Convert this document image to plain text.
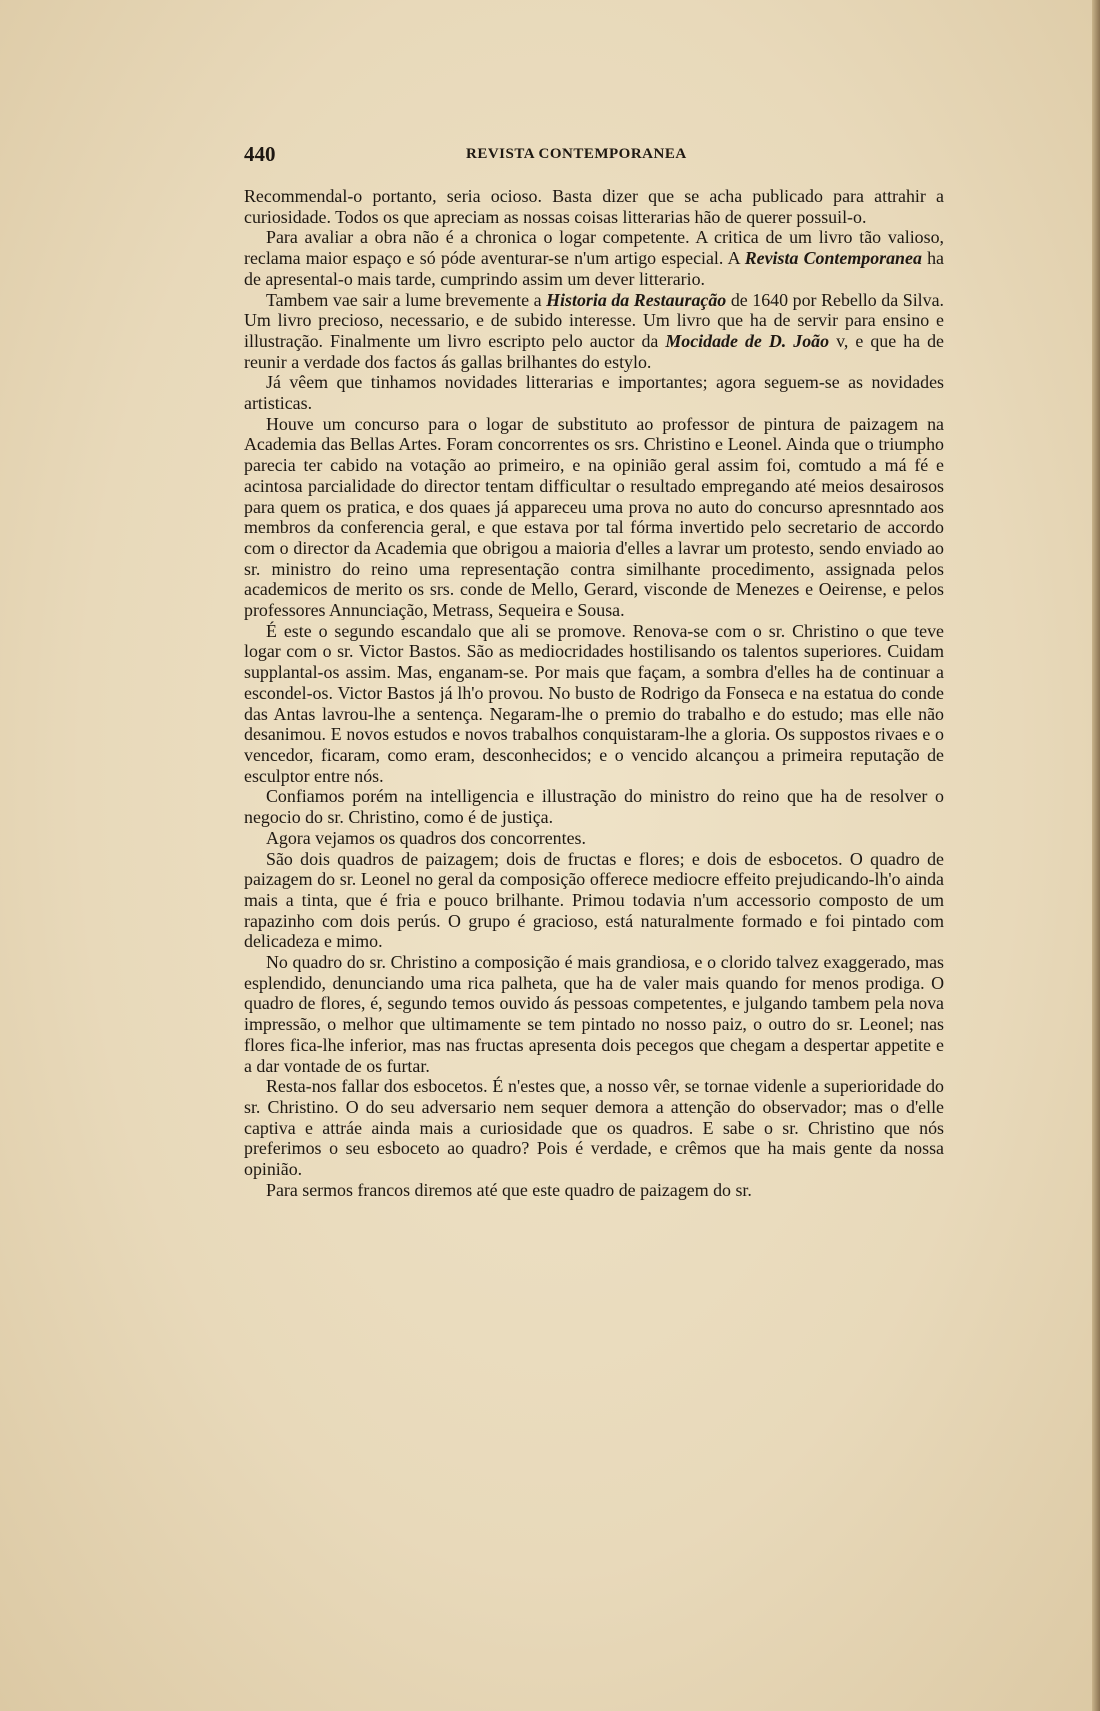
440	REVISTA CONTEMPORANEA

Recommendal-o portanto, seria ocioso. Basta dizer que se acha publicado para attrahir a curiosidade. Todos os que apreciam as nossas coisas litterarias hão de querer possuil-o.

Para avaliar a obra não é a chronica o logar competente. A critica de um livro tão valioso, reclama maior espaço e só póde aventurar-se n'um artigo especial. A Revista Contemporanea ha de apresental-o mais tarde, cumprindo assim um dever litterario.

Tambem vae sair a lume brevemente a Historia da Restauração de 1640 por Rebello da Silva. Um livro precioso, necessario, e de subido interesse. Um livro que ha de servir para ensino e illustração. Finalmente um livro escripto pelo auctor da Mocidade de D. João v, e que ha de reunir a verdade dos factos ás gallas brilhantes do estylo.

Já vêem que tinhamos novidades litterarias e importantes; agora seguem-se as novidades artisticas.

Houve um concurso para o logar de substituto ao professor de pintura de paizagem na Academia das Bellas Artes. Foram concorrentes os srs. Christino e Leonel. Ainda que o triumpho parecia ter cabido na votação ao primeiro, e na opinião geral assim foi, comtudo a má fé e acintosa parcialidade do director tentam difficultar o resultado empregando até meios desairosos para quem os pratica, e dos quaes já appareceu uma prova no auto do concurso apresnntado aos membros da conferencia geral, e que estava por tal fórma invertido pelo secretario de accordo com o director da Academia que obrigou a maioria d'elles a lavrar um protesto, sendo enviado ao sr. ministro do reino uma representação contra similhante procedimento, assignada pelos academicos de merito os srs. conde de Mello, Gerard, visconde de Menezes e Oeirense, e pelos professores Annunciação, Metrass, Sequeira e Sousa.

É este o segundo escandalo que ali se promove. Renova-se com o sr. Christino o que teve logar com o sr. Victor Bastos. São as mediocridades hostilisando os talentos superiores. Cuidam supplantal-os assim. Mas, enganam-se. Por mais que façam, a sombra d'elles ha de continuar a escondel-os. Victor Bastos já lh'o provou. No busto de Rodrigo da Fonseca e na estatua do conde das Antas lavrou-lhe a sentença. Negaram-lhe o premio do trabalho e do estudo; mas elle não desanimou. E novos estudos e novos trabalhos conquistaram-lhe a gloria. Os suppostos rivaes e o vencedor, ficaram, como eram, desconhecidos; e o vencido alcançou a primeira reputação de esculptor entre nós.

Confiamos porém na intelligencia e illustração do ministro do reino que ha de resolver o negocio do sr. Christino, como é de justiça.

Agora vejamos os quadros dos concorrentes.

São dois quadros de paizagem; dois de fructas e flores; e dois de esbocetos. O quadro de paizagem do sr. Leonel no geral da composição offerece mediocre effeito prejudicando-lh'o ainda mais a tinta, que é fria e pouco brilhante. Primou todavia n'um accessorio composto de um rapazinho com dois perús. O grupo é gracioso, está naturalmente formado e foi pintado com delicadeza e mimo.

No quadro do sr. Christino a composição é mais grandiosa, e o clorido talvez exaggerado, mas esplendido, denunciando uma rica palheta, que ha de valer mais quando for menos prodiga. O quadro de flores, é, segundo temos ouvido ás pessoas competentes, e julgando tambem pela nova impressão, o melhor que ultimamente se tem pintado no nosso paiz, o outro do sr. Leonel; nas flores fica-lhe inferior, mas nas fructas apresenta dois pecegos que chegam a despertar appetite e a dar vontade de os furtar.

Resta-nos fallar dos esbocetos. É n'estes que, a nosso vêr, se tornae videnle a superioridade do sr. Christino. O do seu adversario nem sequer demora a attenção do observador; mas o d'elle captiva e attráe ainda mais a curiosidade que os quadros. E sabe o sr. Christino que nós preferimos o seu esboceto ao quadro? Pois é verdade, e crêmos que ha mais gente da nossa opinião.

Para sermos francos diremos até que este quadro de paizagem do sr.
